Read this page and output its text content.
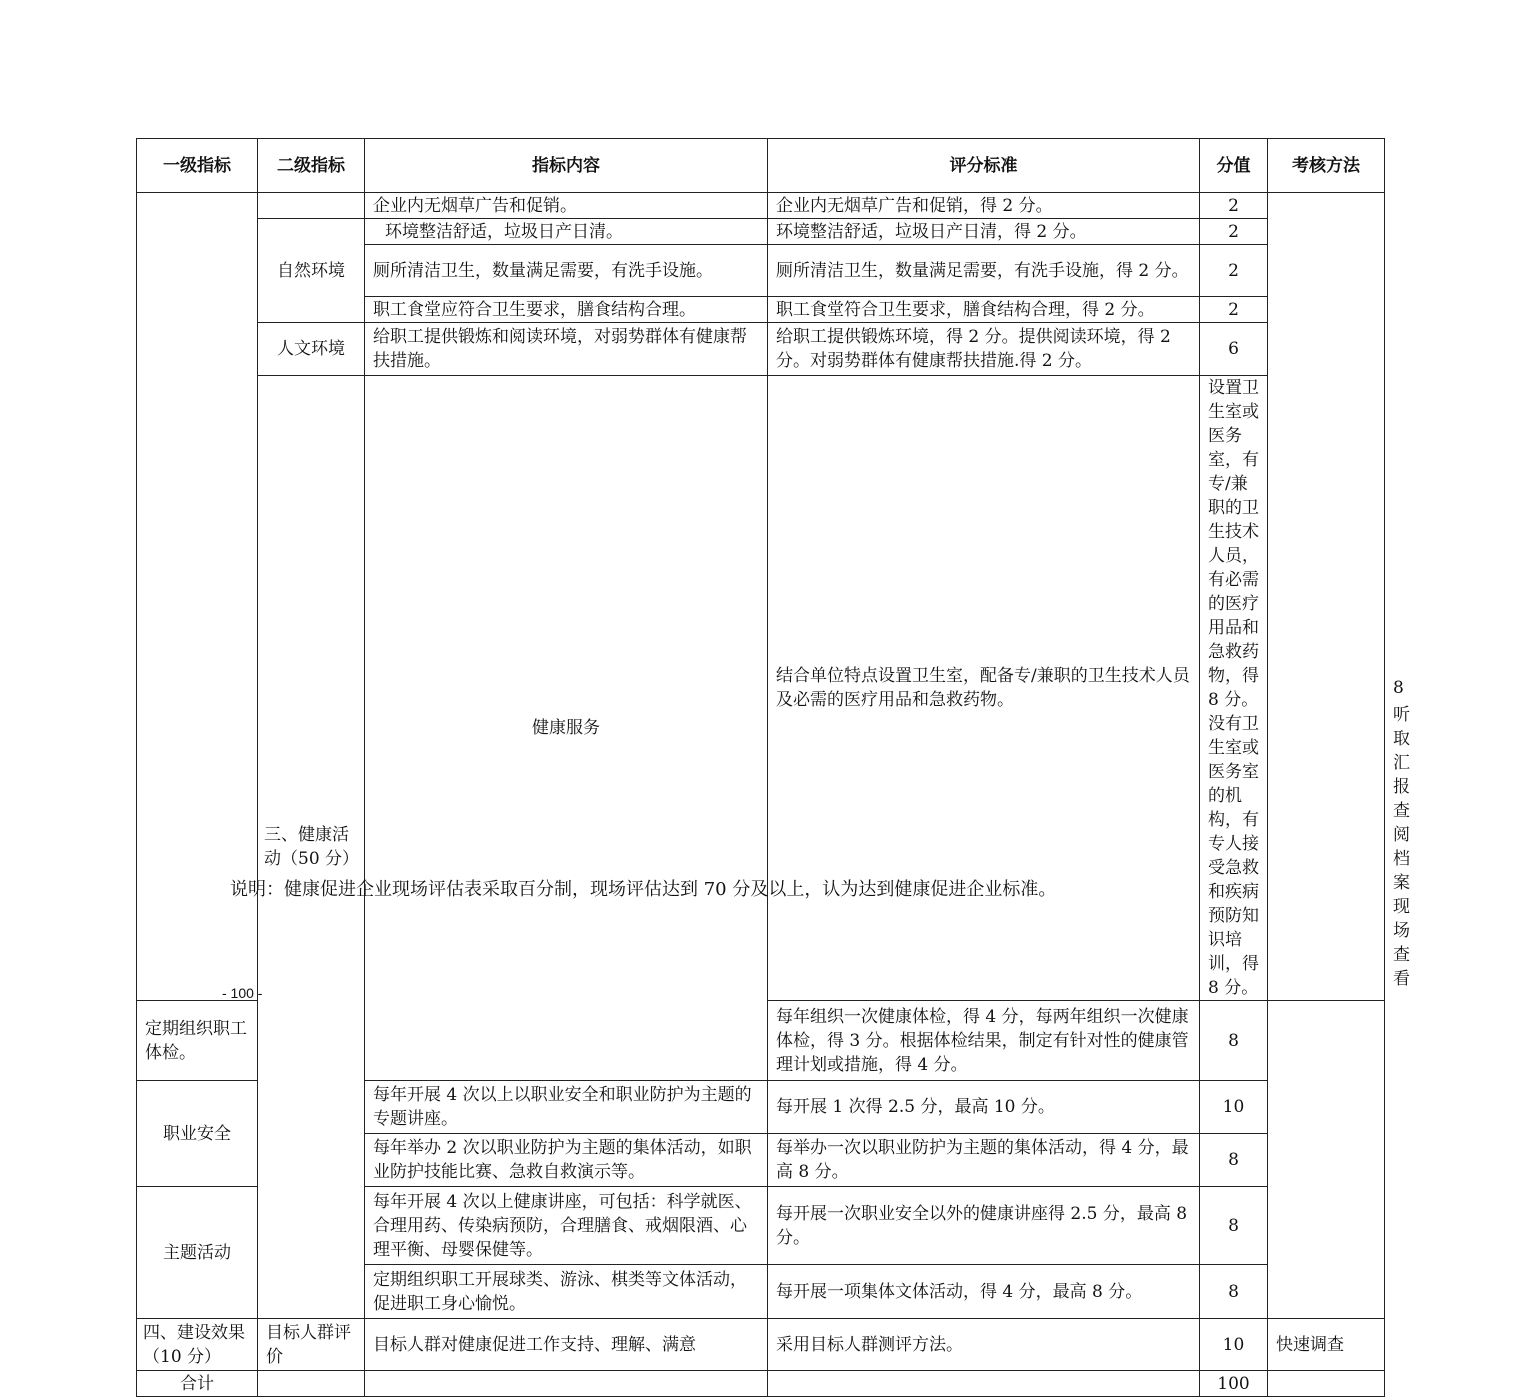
一级指标	二级指标	指标内容	评分标准	分值	考核方法	
		企业内无烟草广告和促销。	企业内无烟草广告和促销，得 2 分。	2		
	自然环境	环境整洁舒适，垃圾日产日清。	环境整洁舒适，垃圾日产日清，得 2 分。	2		
		厕所清洁卫生，数量满足需要，有洗手设施。	厕所清洁卫生，数量满足需要，有洗手设施，得 2 分。	2		
		职工食堂应符合卫生要求，膳食结构合理。	职工食堂符合卫生要求，膳食结构合理，得 2 分。	2		
	人文环境	给职工提供锻炼和阅读环境，对弱势群体有健康帮扶措施。	给职工提供锻炼环境，得 2 分。提供阅读环境，得 2 分。对弱势群体有健康帮扶措施.得 2 分。	6		
	三、健康活动（50 分）	健康服务	结合单位特点设置卫生室，配备专/兼职的卫生技术人员及必需的医疗用品和急救药物。	设置卫生室或医务室，有专/兼职的卫生技术人员，有必需的医疗用品和急救药物，得 8 分。没有卫生室或医务室的机构，有专人接受急救和疾病预防知识培训，得 8 分。		8	听取汇报查阅档案现场查看
定期组织职工体检。			每年组织一次健康体检，得 4 分，每两年组织一次健康体检，得 3 分。根据体检结果，制定有针对性的健康管理计划或措施，得 4 分。	8		
职业安全		每年开展 4 次以上以职业安全和职业防护为主题的专题讲座。	每开展 1 次得 2.5 分，最高 10 分。	10		
		每年举办 2 次以职业防护为主题的集体活动，如职业防护技能比赛、急救自救演示等。	每举办一次以职业防护为主题的集体活动，得 4 分，最高 8 分。	8		
主题活动		每年开展 4 次以上健康讲座，可包括：科学就医、合理用药、传染病预防，合理膳食、戒烟限酒、心理平衡、母婴保健等。	每开展一次职业安全以外的健康讲座得 2.5 分，最高 8 分。	8		
		定期组织职工开展球类、游泳、棋类等文体活动，促进职工身心愉悦。	每开展一项集体文体活动，得 4 分，最高 8 分。	8		
四、建设效果（10 分）	目标人群评价	目标人群对健康促进工作支持、理解、满意	采用目标人群测评方法。	10	快速调查	
合计				100		
说明：健康促进企业现场评估表采取百分制，现场评估达到 70 分及以上，认为达到健康促进企业标准。
- 100 -
